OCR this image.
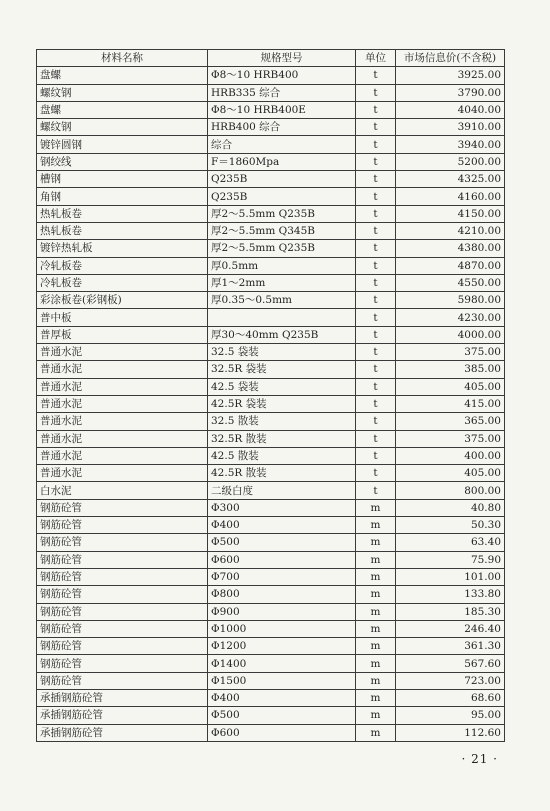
材料名称	规格型号	单位	市场信息价(不含税)
盘螺	Φ8～10 HRB400	t	3925.00
螺纹钢	HRB335 综合	t	3790.00
盘螺	Φ8～10 HRB400E	t	4040.00
螺纹钢	HRB400 综合	t	3910.00
镀锌圆钢	综合	t	3940.00
钢绞线	F＝1860Mpa	t	5200.00
槽钢	Q235B	t	4325.00
角钢	Q235B	t	4160.00
热轧板卷	厚2～5.5mm Q235B	t	4150.00
热轧板卷	厚2～5.5mm Q345B	t	4210.00
镀锌热轧板	厚2～5.5mm Q235B	t	4380.00
冷轧板卷	厚0.5mm	t	4870.00
冷轧板卷	厚1～2mm	t	4550.00
彩涂板卷(彩钢板)	厚0.35～0.5mm	t	5980.00
普中板		t	4230.00
普厚板	厚30～40mm Q235B	t	4000.00
普通水泥	32.5 袋装	t	375.00
普通水泥	32.5R 袋装	t	385.00
普通水泥	42.5 袋装	t	405.00
普通水泥	42.5R 袋装	t	415.00
普通水泥	32.5 散装	t	365.00
普通水泥	32.5R 散装	t	375.00
普通水泥	42.5 散装	t	400.00
普通水泥	42.5R 散装	t	405.00
白水泥	二级白度	t	800.00
钢筋砼管	Φ300	m	40.80
钢筋砼管	Φ400	m	50.30
钢筋砼管	Φ500	m	63.40
钢筋砼管	Φ600	m	75.90
钢筋砼管	Φ700	m	101.00
钢筋砼管	Φ800	m	133.80
钢筋砼管	Φ900	m	185.30
钢筋砼管	Φ1000	m	246.40
钢筋砼管	Φ1200	m	361.30
钢筋砼管	Φ1400	m	567.60
钢筋砼管	Φ1500	m	723.00
承插钢筋砼管	Φ400	m	68.60
承插钢筋砼管	Φ500	m	95.00
承插钢筋砼管	Φ600	m	112.60
· 21 ·
